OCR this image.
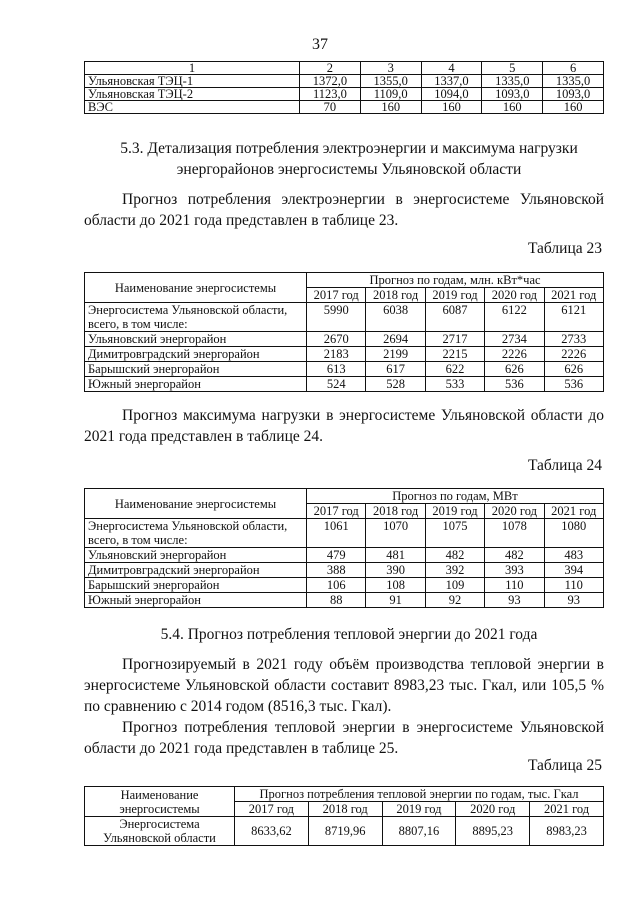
37
1	2	3	4	5	6
Ульяновская ТЭЦ-1	1372,0	1355,0	1337,0	1335,0	1335,0
Ульяновская ТЭЦ-2	1123,0	1109,0	1094,0	1093,0	1093,0
ВЭС	70	160	160	160	160
5.3. Детализация потребления электроэнергии и максимума нагрузки
энергорайонов энергосистемы Ульяновской области
Прогноз потребления электроэнергии в энергосистеме Ульяновской области до 2021 года представлен в таблице 23.
Таблица 23
Наименование энергосистемы	Прогноз по годам, млн. кВт*час				
	2017 год	2018 год	2019 год	2020 год	2021 год

Энергосистема Ульяновской области,
всего, в том числе:	5990	6038	6087	6122	6121
Ульяновский энергорайон	2670	2694	2717	2734	2733
Димитровградский энергорайон	2183	2199	2215	2226	2226
Барышский энергорайон	613	617	622	626	626
Южный энергорайон	524	528	533	536	536
Прогноз максимума нагрузки в энергосистеме Ульяновской области до 2021 года представлен в таблице 24.
Таблица 24
Наименование энергосистемы	Прогноз по годам, МВт				
	2017 год	2018 год	2019 год	2020 год	2021 год

Энергосистема Ульяновской области,
всего, в том числе:	1061	1070	1075	1078	1080
Ульяновский энергорайон	479	481	482	482	483
Димитровградский энергорайон	388	390	392	393	394
Барышский энергорайон	106	108	109	110	110
Южный энергорайон	88	91	92	93	93
5.4. Прогноз потребления тепловой энергии до 2021 года
Прогнозируемый в 2021 году объём производства тепловой энергии в энергосистеме Ульяновской области составит 8983,23 тыс. Гкал, или 105,5 % по сравнению с 2014 годом (8516,3 тыс. Гкал).
Прогноз потребления тепловой энергии в энергосистеме Ульяновской области до 2021 года представлен в таблице 25.
Таблица 25
Наименование
энергосистемы	Прогноз потребления тепловой энергии по годам, тыс. Гкал				
	2017 год	2018 год	2019 год	2020 год	2021 год

Энергосистема
Ульяновской области	8633,62	8719,96	8807,16	8895,23	8983,23
